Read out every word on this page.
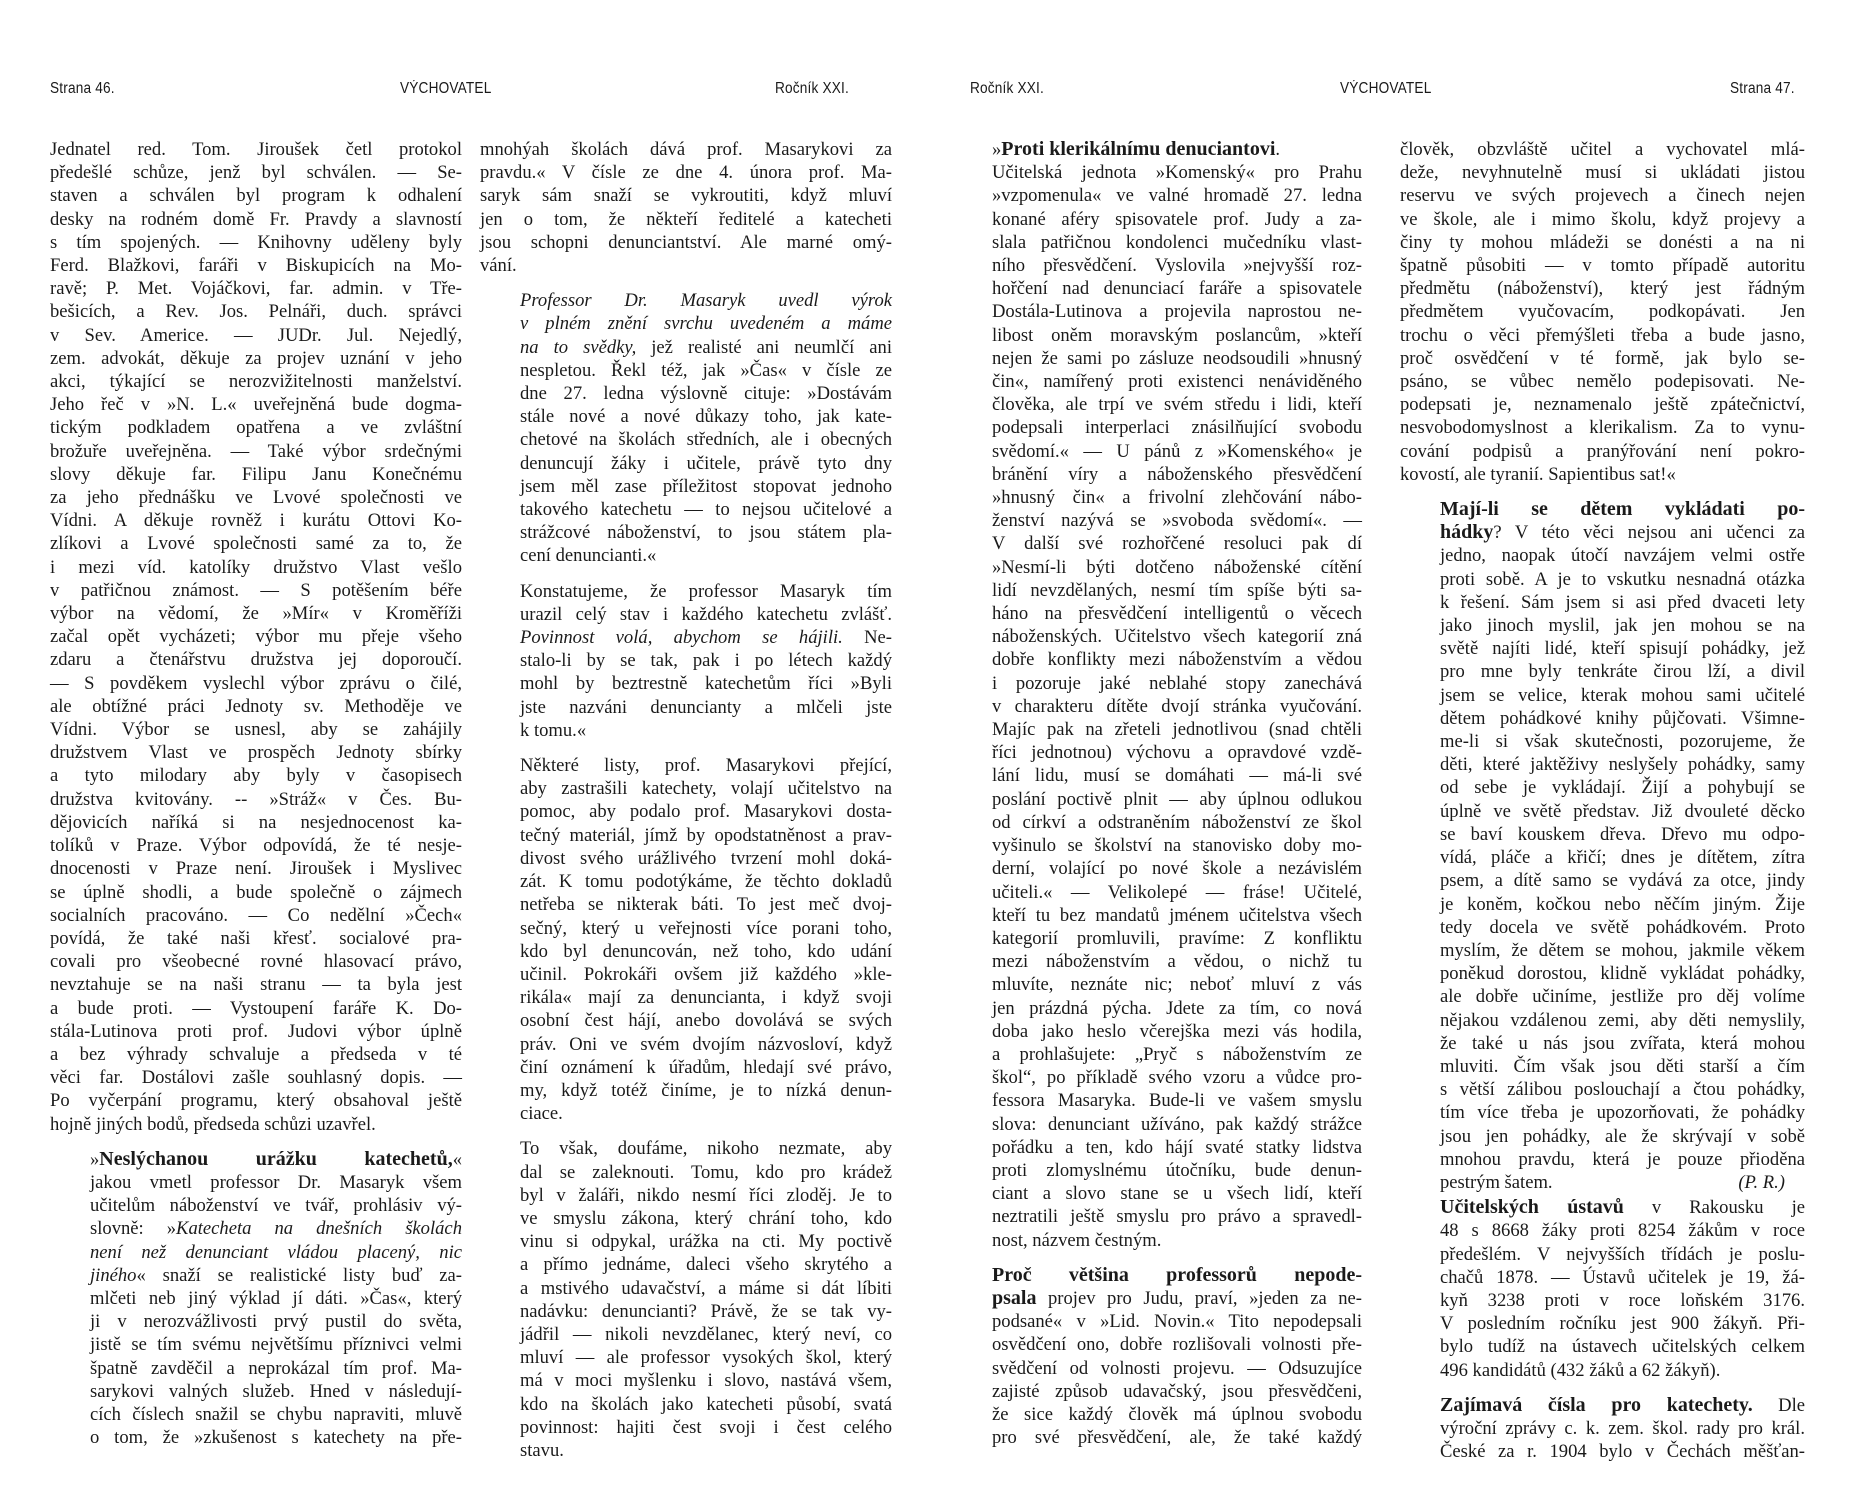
Strana 46.	VÝCHOVATEL	Ročník XXI.
Jednatel red. Tom. Jiroušek četl protokol
předešlé schůze, jenž byl schválen. — Se-
staven a schválen byl program k odhalení
desky na rodném domě Fr. Pravdy a slavností
s tím spojených. — Knihovny uděleny byly
Ferd. Blažkovi, faráři v Biskupicích na Mo-
ravě; P. Met. Vojáčkovi, far. admin. v Tře-
bešicích, a Rev. Jos. Pelnáři, duch. správci
v Sev. Americe. — JUDr. Jul. Nejedlý,
zem. advokát, děkuje za projev uznání v jeho
akci, týkající se nerozvižitelnosti manželství.
Jeho řeč v »N. L.« uveřejněná bude dogma-
tickým podkladem opatřena a ve zvláštní
brožuře uveřejněna. — Také výbor srdečnými
slovy děkuje far. Filipu Janu Konečnému
za jeho přednášku ve Lvové společnosti ve
Vídni. A děkuje rovněž i kurátu Ottovi Ko-
zlíkovi a Lvové společnosti samé za to, že
i mezi víd. katolíky družstvo Vlast vešlo
v patřičnou známost. — S potěšením béře
výbor na vědomí, že »Mír« v Kroměříži
začal opět vycházeti; výbor mu přeje všeho
zdaru a čtenářstvu družstva jej doporoučí.
— S povděkem vyslechl výbor zprávu o čilé,
ale obtížné práci Jednoty sv. Methoděje ve
Vídni. Výbor se usnesl, aby se zahájily
družstvem Vlast ve prospěch Jednoty sbírky
a tyto milodary aby byly v časopisech
družstva kvitovány. -- »Stráž« v Čes. Bu-
dějovicích naříká si na nesjednocenost ka-
tolíků v Praze. Výbor odpovídá, že té nesje-
dnocenosti v Praze není. Jiroušek i Myslivec
se úplně shodli, a bude společně o zájmech
socialních pracováno. — Co nedělní »Čech«
povídá, že také naši křesť. socialové pra-
covali pro všeobecné rovné hlasovací právo,
nevztahuje se na naši stranu — ta byla jest
a bude proti. — Vystoupení faráře K. Do-
stála-Lutinova proti prof. Judovi výbor úplně
a bez výhrady schvaluje a předseda v té
věci far. Dostálovi zašle souhlasný dopis. —
Po vyčerpání programu, který obsahoval ještě
hojně jiných bodů, předseda schůzi uzavřel.
»Neslýchanou urážku katechetů,«
jakou vmetl professor Dr. Masaryk všem
učitelům náboženství ve tvář, prohlásiv vý-
slovně: »Katecheta na dnešních školách
není než denunciant vládou placený, nic
jiného« snaží se realistické listy buď za-
mlčeti neb jiný výklad jí dáti. »Čas«, který
ji v nerozvážlivosti prvý pustil do světa,
jistě se tím svému největšímu příznivci velmi
špatně zavděčil a neprokázal tím prof. Ma-
sarykovi valných služeb. Hned v následují-
cích číslech snažil se chybu napraviti, mluvě
o tom, že »zkušenost s katechety na pře-
mnohýah školách dává prof. Masarykovi za
pravdu.« V čísle ze dne 4. února prof. Ma-
saryk sám snaží se vykroutiti, když mluví
jen o tom, že někteří ředitelé a katecheti
jsou schopni denunciantství. Ale marné omý-
vání.
Professor Dr. Masaryk uvedl výrok
v plném znění svrchu uvedeném a máme
na to svědky, jež realisté ani neumlčí ani
nespletou. Řekl též, jak »Čas« v čísle ze
dne 27. ledna výslovně cituje: »Dostávám
stále nové a nové důkazy toho, jak kate-
chetové na školách středních, ale i obecných
denuncují žáky i učitele, právě tyto dny
jsem měl zase příležitost stopovat jednoho
takového katechetu — to nejsou učitelové a
strážcové náboženství, to jsou státem pla-
cení denuncianti.«
Konstatujeme, že professor Masaryk tím
urazil celý stav i každého katechetu zvlášť.
Povinnost volá, abychom se hájili. Ne-
stalo-li by se tak, pak i po létech každý
mohl by beztrestně katechetům říci »Byli
jste nazváni denuncianty a mlčeli jste
k tomu.«
Některé listy, prof. Masarykovi přející,
aby zastrašili katechety, volají učitelstvo na
pomoc, aby podalo prof. Masarykovi dosta-
tečný materiál, jímž by opodstatněnost a prav-
divost svého urážlivého tvrzení mohl doká-
zát. K tomu podotýkáme, že těchto dokladů
netřeba se nikterak báti. To jest meč dvoj-
sečný, který u veřejnosti více porani toho,
kdo byl denuncován, než toho, kdo udání
učinil. Pokrokáři ovšem již každého »kle-
rikála« mají za denuncianta, i když svoji
osobní čest hájí, anebo dovolává se svých
práv. Oni ve svém dvojím názvosloví, když
činí oznámení k úřadům, hledají své právo,
my, když totéž činíme, je to nízká denun-
ciace.
To však, doufáme, nikoho nezmate, aby
dal se zaleknouti. Tomu, kdo pro krádež
byl v žaláři, nikdo nesmí říci zloděj. Je to
ve smyslu zákona, který chrání toho, kdo
vinu si odpykal, urážka na cti. My poctivě
a přímo jednáme, daleci všeho skrytého a
a mstivého udavačství, a máme si dát líbiti
nadávku: denuncianti? Právě, že se tak vy-
jádřil — nikoli nevzdělanec, který neví, co
mluví — ale professor vysokých škol, který
má v moci myšlenku i slovo, nastává všem,
kdo na školách jako katecheti působí, svatá
povinnost: hajiti čest svoji i čest celého
stavu.
Ročník XXI.	VÝCHOVATEL	Strana 47.
»Proti klerikálnímu denuciantovi.
Učitelská jednota »Komenský« pro Prahu
»vzpomenula« ve valné hromadě 27. ledna
konané aféry spisovatele prof. Judy a za-
slala patřičnou kondolenci mučedníku vlast-
ního přesvědčení. Vyslovila »nejvyšší roz-
hořčení nad denunciací faráře a spisovatele
Dostála-Lutinova a projevila naprostou ne-
libost oněm moravským poslancům, »kteří
nejen že sami po zásluze neodsoudili »hnusný
čin«, namířený proti existenci nenáviděného
člověka, ale trpí ve svém středu i lidi, kteří
podepsali interperlaci znásilňující svobodu
svědomí.« — U pánů z »Komenského« je
bránění víry a náboženského přesvědčení
»hnusný čin« a frivolní zlehčování nábo-
ženství nazývá se »svoboda svědomí«. —
V další své rozhořčené resoluci pak dí
»Nesmí-li býti dotčeno náboženské cítění
lidí nevzdělaných, nesmí tím spíše býti sa-
háno na přesvědčení intelligentů o věcech
náboženských. Učitelstvo všech kategorií zná
dobře konflikty mezi náboženstvím a vědou
i pozoruje jaké neblahé stopy zanechává
v charakteru dítěte dvojí stránka vyučování.
Majíc pak na zřeteli jednotlivou (snad chtěli
říci jednotnou) výchovu a opravdové vzdě-
lání lidu, musí se domáhati — má-li své
poslání poctivě plnit — aby úplnou odlukou
od církví a odstraněním náboženství ze škol
vyšinulo se školství na stanovisko doby mo-
derní, volající po nové škole a nezávislém
učiteli.« — Velikolepé — fráse! Učitelé,
kteří tu bez mandatů jménem učitelstva všech
kategorií promluvili, pravíme: Z konfliktu
mezi náboženstvím a vědou, o nichž tu
mluvíte, neznáte nic; neboť mluví z vás
jen prázdná pýcha. Jdete za tím, co nová
doba jako heslo včerejška mezi vás hodila,
a prohlašujete: „Pryč s náboženstvím ze
škol“, po příkladě svého vzoru a vůdce pro-
fessora Masaryka. Bude-li ve vašem smyslu
slova: denunciant užíváno, pak každý strážce
pořádku a ten, kdo hájí svaté statky lidstva
proti zlomyslnému útočníku, bude denun-
ciant a slovo stane se u všech lidí, kteří
neztratili ještě smyslu pro právo a spravedl-
nost, názvem čestným.
Proč většina professorů nepode-
psala projev pro Judu, praví, »jeden za ne-
podsané« v »Lid. Novin.« Tito nepodepsali
osvědčení ono, dobře rozlišovali volnosti pře-
svědčení od volnosti projevu. — Odsuzujíce
zajisté způsob udavačský, jsou přesvědčeni,
že sice každý člověk má úplnou svobodu
pro své přesvědčení, ale, že také každý
člověk, obzvláště učitel a vychovatel mlá-
deže, nevyhnutelně musí si ukládati jistou
reservu ve svých projevech a činech nejen
ve škole, ale i mimo školu, když projevy a
činy ty mohou mládeži se donésti a na ni
špatně působiti — v tomto případě autoritu
předmětu (náboženství), který jest řádným
předmětem vyučovacím, podkopávati. Jen
trochu o věci přemýšleti třeba a bude jasno,
proč osvědčení v té formě, jak bylo se-
psáno, se vůbec nemělo podepisovati. Ne-
podepsati je, neznamenalo ještě zpátečnictví,
nesvobodomyslnost a klerikalism. Za to vynu-
cování podpisů a pranýřování není pokro-
kovostí, ale tyranií. Sapientibus sat!«
Mají-li se dětem vykládati po-
hádky? V této věci nejsou ani učenci za
jedno, naopak útočí navzájem velmi ostře
proti sobě. A je to vskutku nesnadná otázka
k řešení. Sám jsem si asi před dvaceti lety
jako jinoch myslil, jak jen mohou se na
světě najíti lidé, kteří spisují pohádky, jež
pro mne byly tenkráte čirou lží, a divil
jsem se velice, kterak mohou sami učitelé
dětem pohádkové knihy půjčovati. Všimne-
me-li si však skutečnosti, pozorujeme, že
děti, které jaktěživy neslyšely pohádky, samy
od sebe je vykládají. Žijí a pohybují se
úplně ve světě představ. Již dvouleté děcko
se baví kouskem dřeva. Dřevo mu odpo-
vídá, pláče a křičí; dnes je dítětem, zítra
psem, a dítě samo se vydává za otce, jindy
je koněm, kočkou nebo něčím jiným. Žije
tedy docela ve světě pohádkovém. Proto
myslím, že dětem se mohou, jakmile věkem
poněkud dorostou, klidně vykládat pohádky,
ale dobře učiníme, jestliže pro děj volíme
nějakou vzdálenou zemi, aby děti nemyslily,
že také u nás jsou zvířata, která mohou
mluviti. Čím však jsou děti starší a čím
s větší zálibou poslouchají a čtou pohádky,
tím více třeba je upozorňovati, že pohádky
jsou jen pohádky, ale že skrývají v sobě
mnohou pravdu, která je pouze přioděna
pestrým šatem.	(P. R.)
Učitelských ústavů v Rakousku je
48 s 8668 žáky proti 8254 žákům v roce
předešlém. V nejvyšších třídách je poslu-
chačů 1878. — Ústavů učitelek je 19, žá-
kyň 3238 proti v roce loňském 3176.
V posledním ročníku jest 900 žákyň. Při-
bylo tudíž na ústavech učitelských celkem
496 kandidátů (432 žáků a 62 žákyň).
Zajímavá čísla pro katechety. Dle
výroční zprávy c. k. zem. škol. rady pro král.
České za r. 1904 bylo v Čechách měšťan-
